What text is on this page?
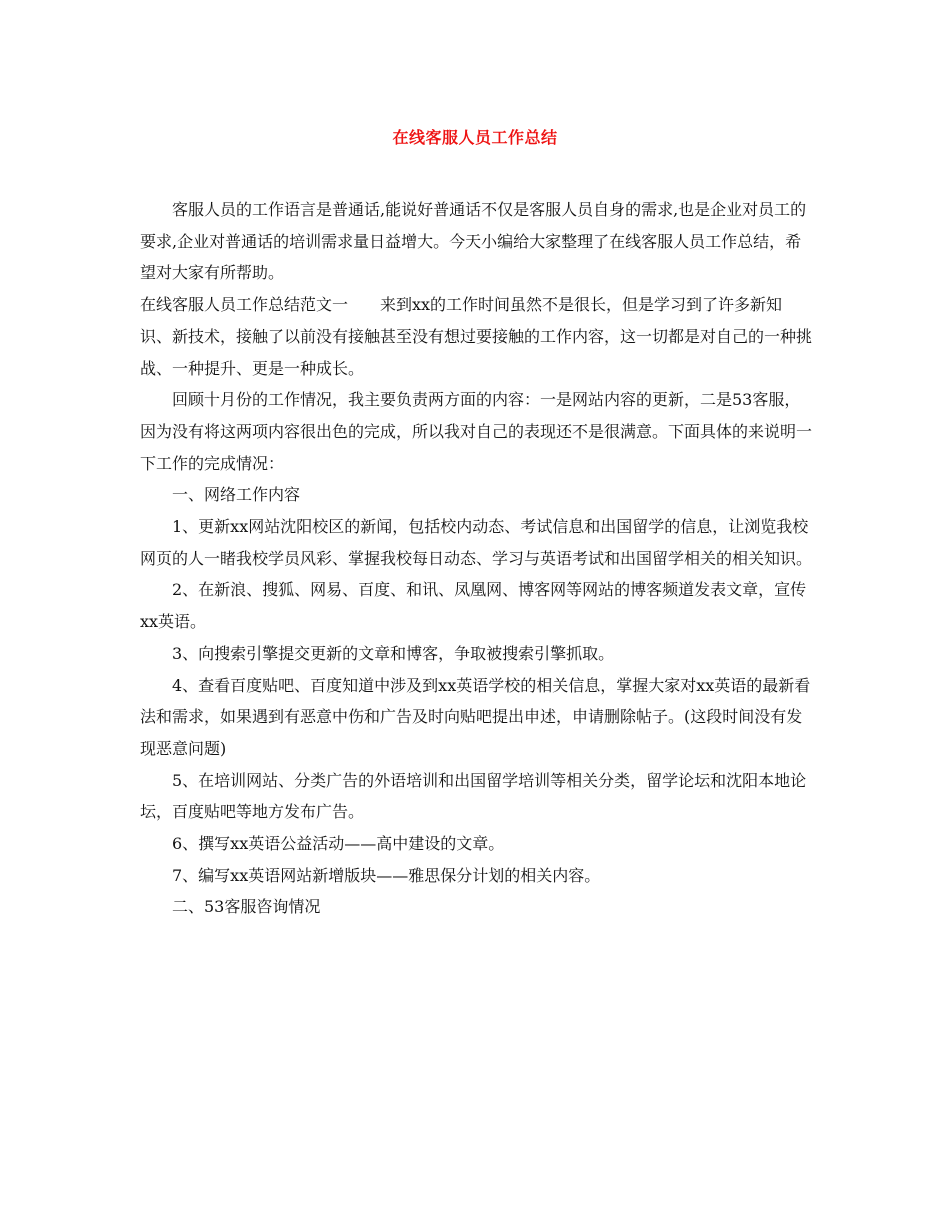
在线客服人员工作总结

客服人员的工作语言是普通话,能说好普通话不仅是客服人员自身的需求,也是企业对员工的要求,企业对普通话的培训需求量日益增大。今天小编给大家整理了在线客服人员工作总结，希望对大家有所帮助。

在线客服人员工作总结范文一　　来到xx的工作时间虽然不是很长，但是学习到了许多新知识、新技术，接触了以前没有接触甚至没有想过要接触的工作内容，这一切都是对自己的一种挑战、一种提升、更是一种成长。

回顾十月份的工作情况，我主要负责两方面的内容：一是网站内容的更新，二是53客服，因为没有将这两项内容很出色的完成，所以我对自己的表现还不是很满意。下面具体的来说明一下工作的完成情况：

一、网络工作内容

1、更新xx网站沈阳校区的新闻，包括校内动态、考试信息和出国留学的信息，让浏览我校网页的人一睹我校学员风彩、掌握我校每日动态、学习与英语考试和出国留学相关的相关知识。

2、在新浪、搜狐、网易、百度、和讯、凤凰网、博客网等网站的博客频道发表文章，宣传xx英语。

3、向搜索引擎提交更新的文章和博客，争取被搜索引擎抓取。

4、查看百度贴吧、百度知道中涉及到xx英语学校的相关信息，掌握大家对xx英语的最新看法和需求，如果遇到有恶意中伤和广告及时向贴吧提出申述，申请删除帖子。(这段时间没有发现恶意问题)

5、在培训网站、分类广告的外语培训和出国留学培训等相关分类，留学论坛和沈阳本地论坛，百度贴吧等地方发布广告。

6、撰写xx英语公益活动——高中建设的文章。

7、编写xx英语网站新增版块——雅思保分计划的相关内容。

二、53客服咨询情况
